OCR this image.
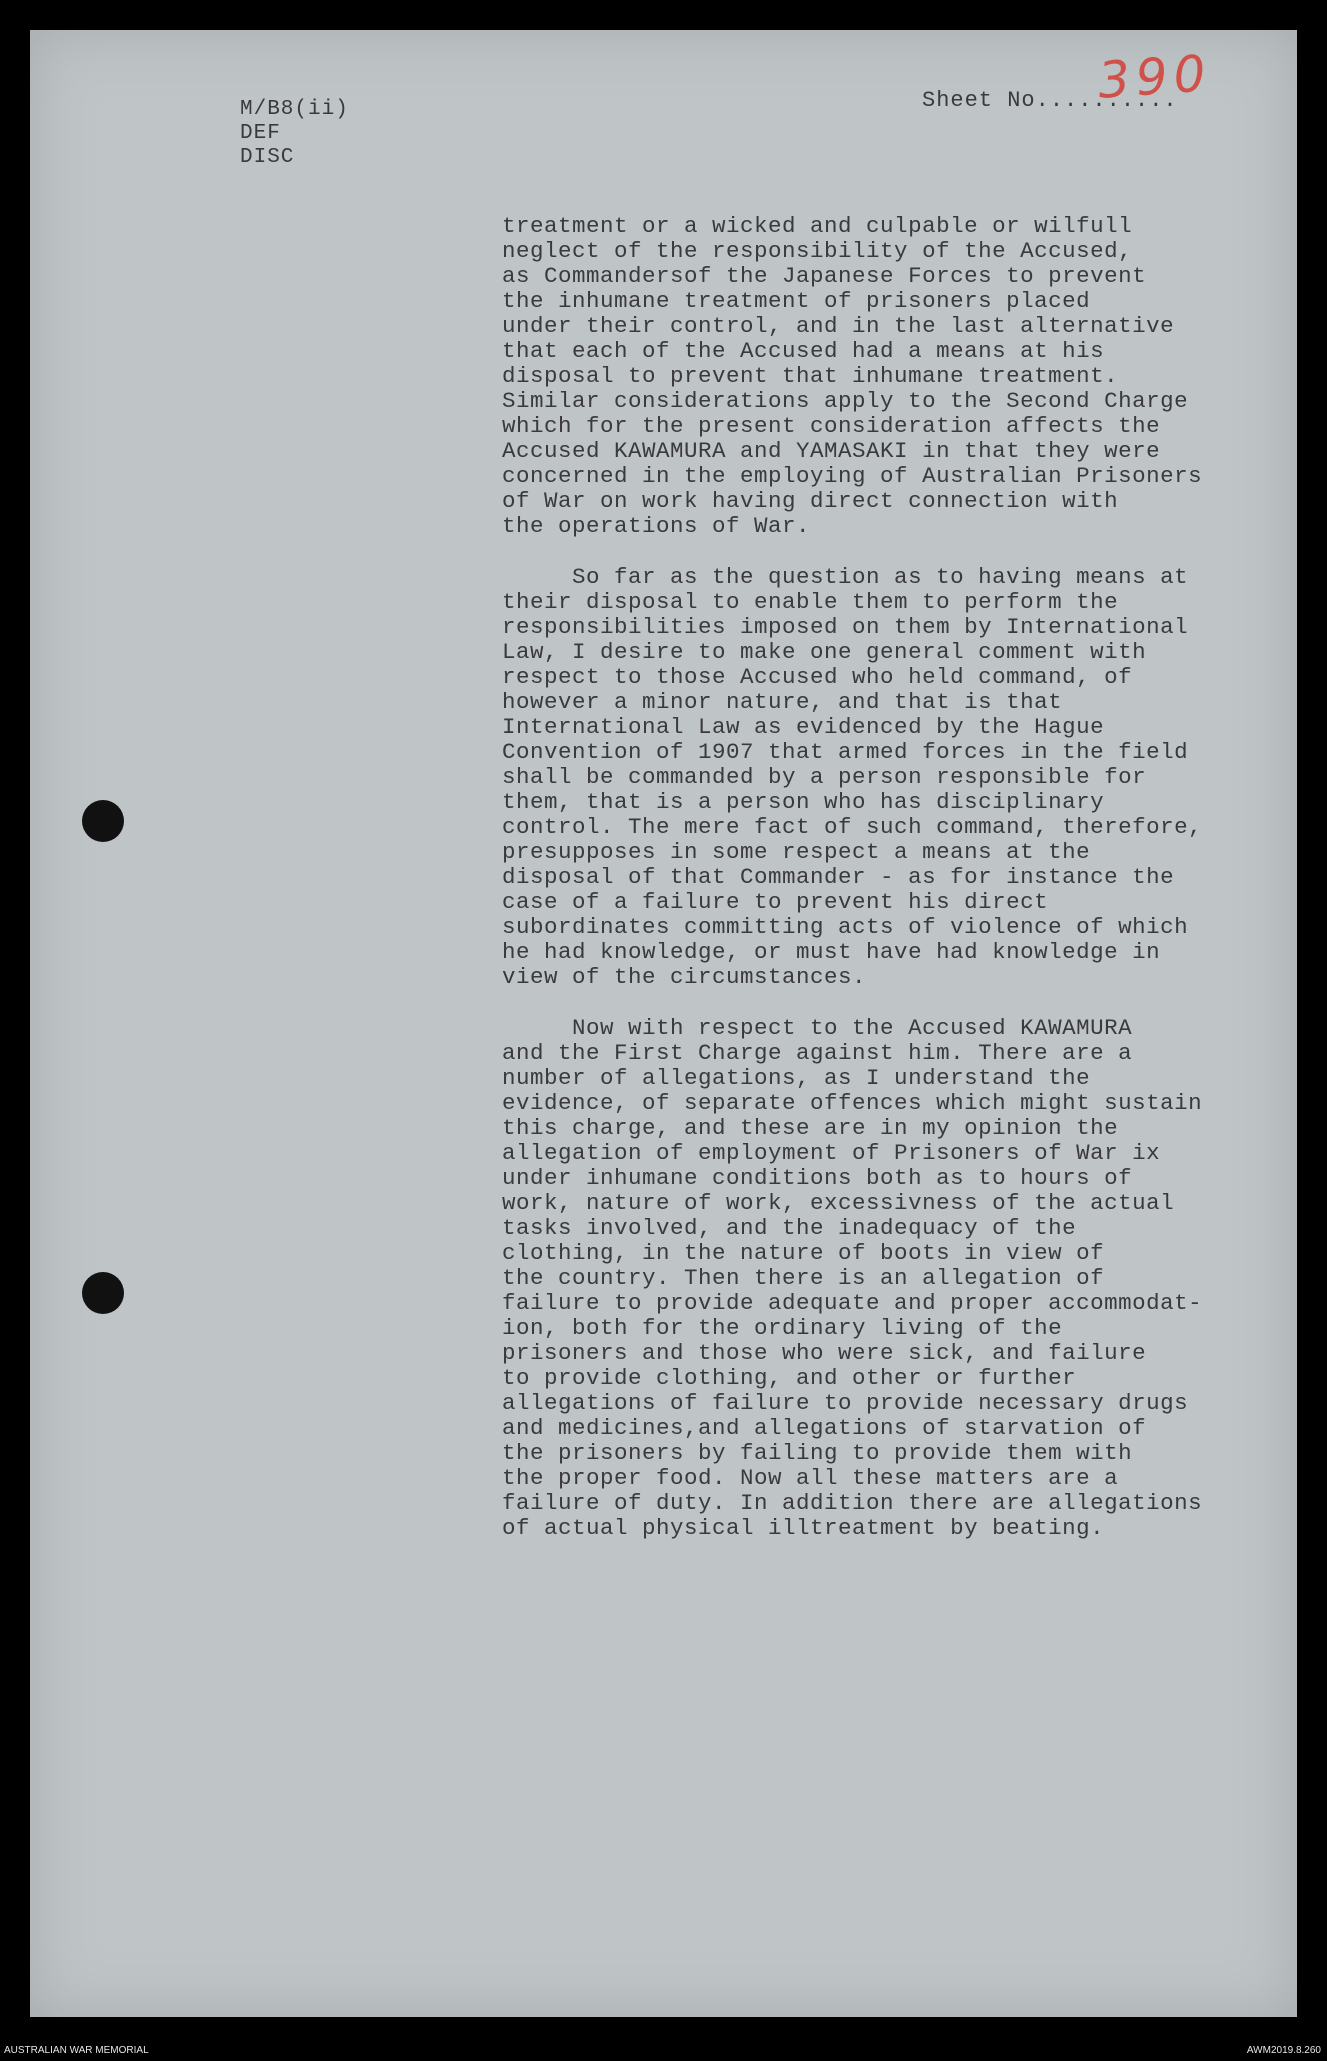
M/B8(ii)
DEF
DISC
Sheet No..........
390
treatment or a wicked and culpable or wilfull
neglect of the responsibility of the Accused,
as Commandersof the Japanese Forces to prevent
the inhumane treatment of prisoners placed
under their control, and in the last alternative
that each of the Accused had a means at his
disposal to prevent that inhumane treatment.
Similar considerations apply to the Second Charge
which for the present consideration affects the
Accused KAWAMURA and YAMASAKI in that they were
concerned in the employing of Australian Prisoners
of War on work having direct connection with
the operations of War.
So far as the question as to having means at
their disposal to enable them to perform the
responsibilities imposed on them by International
Law, I desire to make one general comment with
respect to those Accused who held command, of
however a minor nature, and that is that
International Law as evidenced by the Hague
Convention of 1907 that armed forces in the field
shall be commanded by a person responsible for
them, that is a person who has disciplinary
control. The mere fact of such command, therefore,
presupposes in some respect a means at the
disposal of that Commander - as for instance the
case of a failure to prevent his direct
subordinates committing acts of violence of which
he had knowledge, or must have had knowledge in
view of the circumstances.
Now with respect to the Accused KAWAMURA
and the First Charge against him. There are a
number of allegations, as I understand the
evidence, of separate offences which might sustain
this charge, and these are in my opinion the
allegation of employment of Prisoners of War ix
under inhumane conditions both as to hours of
work, nature of work, excessivness of the actual
tasks involved, and the inadequacy of the
clothing, in the nature of boots in view of
the country. Then there is an allegation of
failure to provide adequate and proper accommodat-
ion, both for the ordinary living of the
prisoners and those who were sick, and failure
to provide clothing, and other or further
allegations of failure to provide necessary drugs
and medicines,and allegations of starvation of
the prisoners by failing to provide them with
the proper food. Now all these matters are a
failure of duty. In addition there are allegations
of actual physical illtreatment by beating.
AUSTRALIAN WAR MEMORIAL	AWM2019.8.260
